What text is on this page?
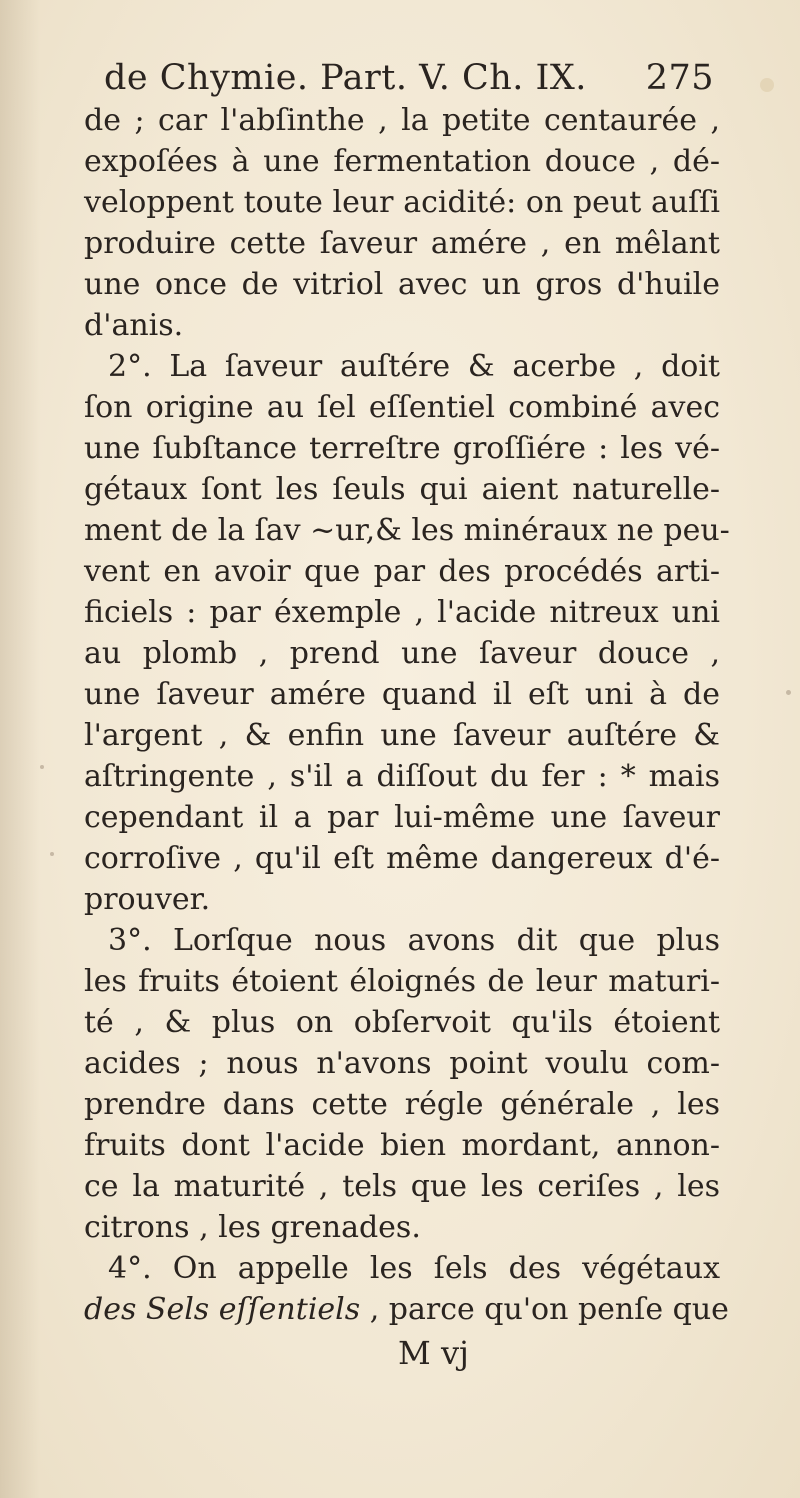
de Chymie. Part. V. Ch. IX. 275
de ; car l'abſinthe , la petite centaurée ,
expoſées à une fermentation douce , dé-
veloppent toute leur acidité: on peut auſſi
produire cette ſaveur amére , en mêlant
une once de vitriol avec un gros d'huile
d'anis.
2°. La ſaveur auſtére & acerbe , doit
ſon origine au ſel eſſentiel combiné avec
une ſubſtance terreſtre groſſiére : les vé-
gétaux ſont les ſeuls qui aient naturelle-
ment de la ſav ~ur,& les minéraux ne peu-
vent en avoir que par des procédés arti-
ficiels : par éxemple , l'acide nitreux uni
au plomb , prend une ſaveur douce ,
une ſaveur amére quand il eſt uni à de
l'argent , & enfin une ſaveur auſtére &
aſtringente , s'il a diſſout du fer : * mais
cependant il a par lui-même une ſaveur
corroſive , qu'il eſt même dangereux d'é-
prouver.
3°. Lorſque nous avons dit que plus
les fruits étoient éloignés de leur maturi-
té , & plus on obſervoit qu'ils étoient
acides ; nous n'avons point voulu com-
prendre dans cette régle générale , les
fruits dont l'acide bien mordant, annon-
ce la maturité , tels que les ceriſes , les
citrons , les grenades.
4°. On appelle les ſels des végétaux
des Sels eſſentiels , parce qu'on penſe que
M vj
